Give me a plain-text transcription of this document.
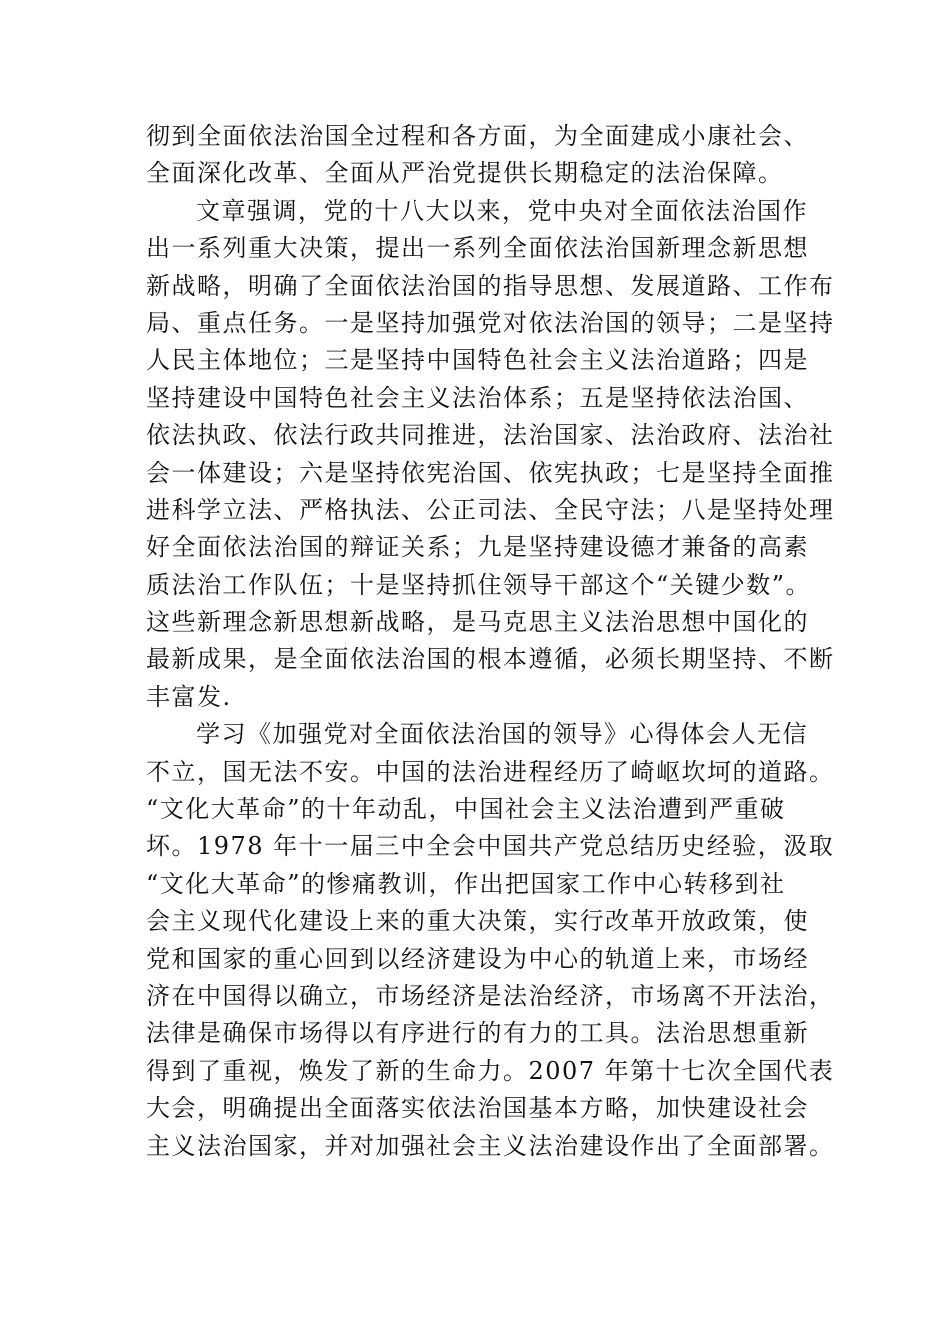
彻到全面依法治国全过程和各方面，为全面建成小康社会、
全面深化改革、全面从严治党提供长期稳定的法治保障。
文章强调，党的十八大以来，党中央对全面依法治国作
出一系列重大决策，提出一系列全面依法治国新理念新思想
新战略，明确了全面依法治国的指导思想、发展道路、工作布
局、重点任务。一是坚持加强党对依法治国的领导；二是坚持
人民主体地位；三是坚持中国特色社会主义法治道路；四是
坚持建设中国特色社会主义法治体系；五是坚持依法治国、
依法执政、依法行政共同推进，法治国家、法治政府、法治社
会一体建设；六是坚持依宪治国、依宪执政；七是坚持全面推
进科学立法、严格执法、公正司法、全民守法；八是坚持处理
好全面依法治国的辩证关系；九是坚持建设德才兼备的高素
质法治工作队伍；十是坚持抓住领导干部这个“关键少数”。
这些新理念新思想新战略，是马克思主义法治思想中国化的
最新成果，是全面依法治国的根本遵循，必须长期坚持、不断
丰富发.
学习《加强党对全面依法治国的领导》心得体会人无信
不立，国无法不安。中国的法治进程经历了崎岖坎坷的道路。
“文化大革命”的十年动乱，中国社会主义法治遭到严重破
坏。1978 年十一届三中全会中国共产党总结历史经验，汲取
“文化大革命”的惨痛教训，作出把国家工作中心转移到社
会主义现代化建设上来的重大决策，实行改革开放政策，使
党和国家的重心回到以经济建设为中心的轨道上来，市场经
济在中国得以确立，市场经济是法治经济，市场离不开法治，
法律是确保市场得以有序进行的有力的工具。法治思想重新
得到了重视，焕发了新的生命力。2007 年第十七次全国代表
大会，明确提出全面落实依法治国基本方略，加快建设社会
主义法治国家，并对加强社会主义法治建设作出了全面部署。
